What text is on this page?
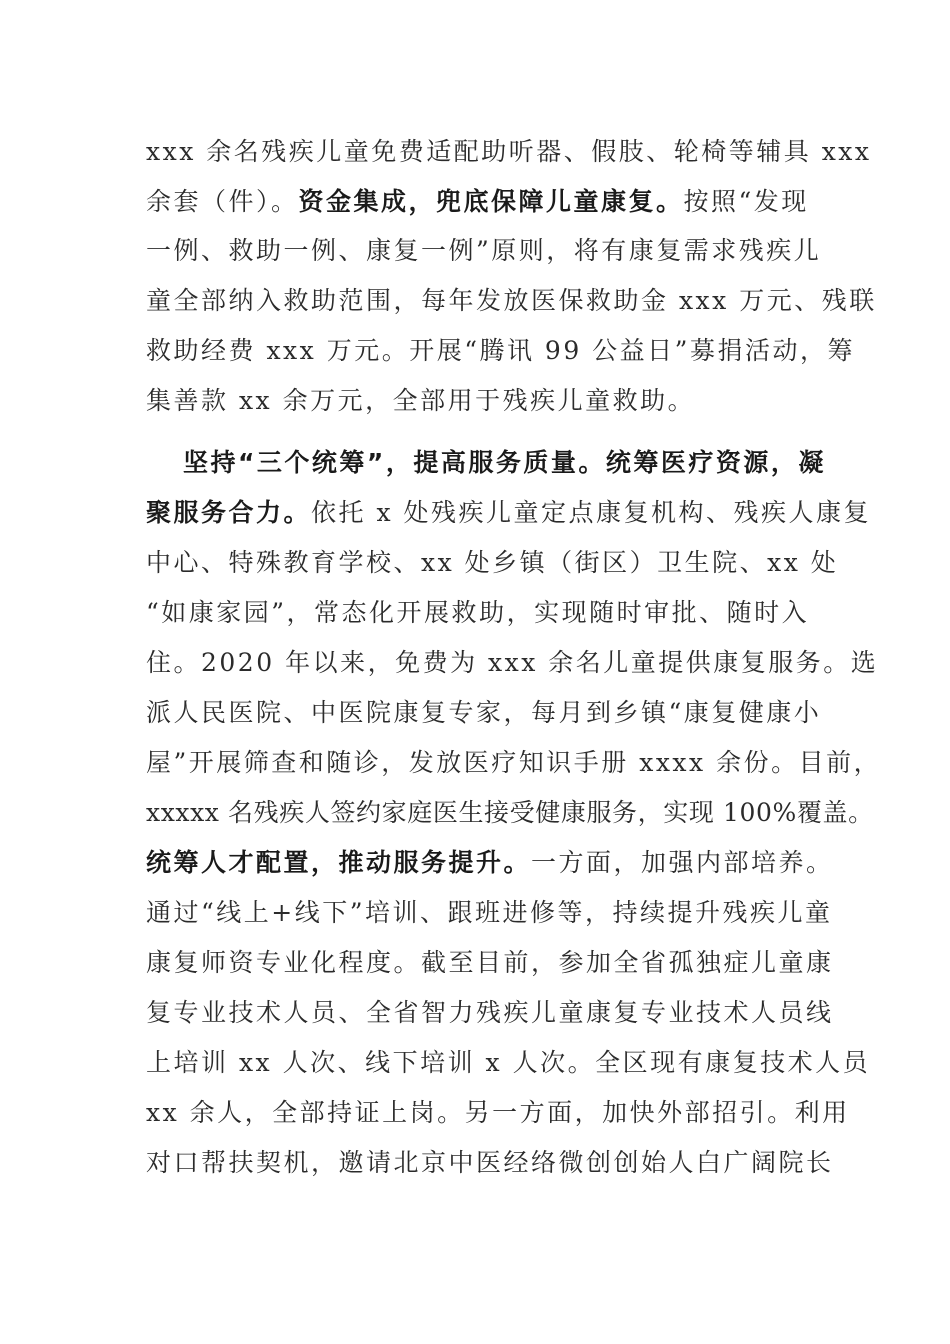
xxx 余名残疾儿童免费适配助听器、假肢、轮椅等辅具 xxx
余套（件）。资金集成，兜底保障儿童康复。按照“发现
一例、救助一例、康复一例”原则，将有康复需求残疾儿
童全部纳入救助范围，每年发放医保救助金 xxx 万元、残联
救助经费 xxx 万元。开展“腾讯 99 公益日”募捐活动，筹
集善款 xx 余万元，全部用于残疾儿童救助。
坚持“三个统筹”，提高服务质量。统筹医疗资源，凝
聚服务合力。依托 x 处残疾儿童定点康复机构、残疾人康复
中心、特殊教育学校、xx 处乡镇（街区）卫生院、xx 处
“如康家园”，常态化开展救助，实现随时审批、随时入
住。2020 年以来，免费为 xxx 余名儿童提供康复服务。选
派人民医院、中医院康复专家，每月到乡镇“康复健康小
屋”开展筛查和随诊，发放医疗知识手册 xxxx 余份。目前，
xxxxx 名残疾人签约家庭医生接受健康服务，实现 100%覆盖。
统筹人才配置，推动服务提升。一方面，加强内部培养。
通过“线上+线下”培训、跟班进修等，持续提升残疾儿童
康复师资专业化程度。截至目前，参加全省孤独症儿童康
复专业技术人员、全省智力残疾儿童康复专业技术人员线
上培训 xx 人次、线下培训 x 人次。全区现有康复技术人员
xx 余人，全部持证上岗。另一方面，加快外部招引。利用
对口帮扶契机，邀请北京中医经络微创创始人白广阔院长
